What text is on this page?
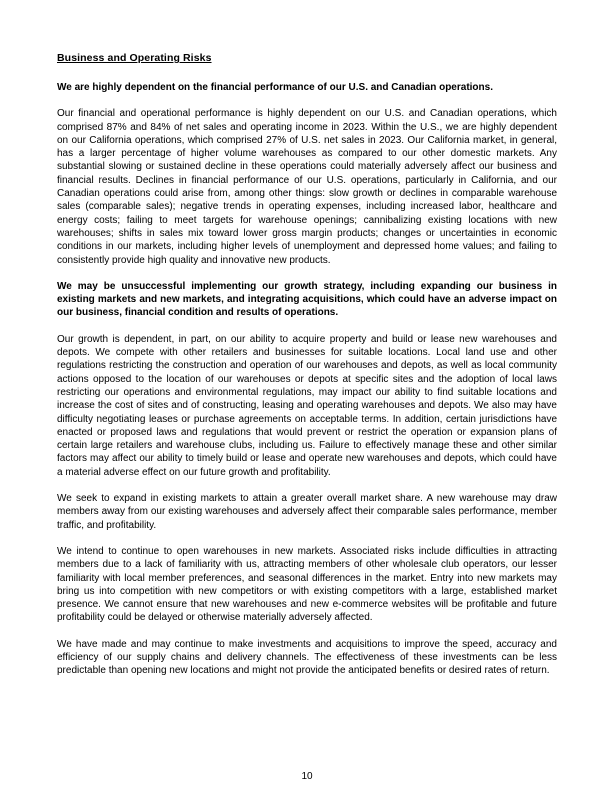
Business and Operating Risks
We are highly dependent on the financial performance of our U.S. and Canadian operations.
Our financial and operational performance is highly dependent on our U.S. and Canadian operations, which comprised 87% and 84% of net sales and operating income in 2023. Within the U.S., we are highly dependent on our California operations, which comprised 27% of U.S. net sales in 2023. Our California market, in general, has a larger percentage of higher volume warehouses as compared to our other domestic markets. Any substantial slowing or sustained decline in these operations could materially adversely affect our business and financial results. Declines in financial performance of our U.S. operations, particularly in California, and our Canadian operations could arise from, among other things: slow growth or declines in comparable warehouse sales (comparable sales); negative trends in operating expenses, including increased labor, healthcare and energy costs; failing to meet targets for warehouse openings; cannibalizing existing locations with new warehouses; shifts in sales mix toward lower gross margin products; changes or uncertainties in economic conditions in our markets, including higher levels of unemployment and depressed home values; and failing to consistently provide high quality and innovative new products.
We may be unsuccessful implementing our growth strategy, including expanding our business in existing markets and new markets, and integrating acquisitions, which could have an adverse impact on our business, financial condition and results of operations.
Our growth is dependent, in part, on our ability to acquire property and build or lease new warehouses and depots. We compete with other retailers and businesses for suitable locations. Local land use and other regulations restricting the construction and operation of our warehouses and depots, as well as local community actions opposed to the location of our warehouses or depots at specific sites and the adoption of local laws restricting our operations and environmental regulations, may impact our ability to find suitable locations and increase the cost of sites and of constructing, leasing and operating warehouses and depots. We also may have difficulty negotiating leases or purchase agreements on acceptable terms. In addition, certain jurisdictions have enacted or proposed laws and regulations that would prevent or restrict the operation or expansion plans of certain large retailers and warehouse clubs, including us. Failure to effectively manage these and other similar factors may affect our ability to timely build or lease and operate new warehouses and depots, which could have a material adverse effect on our future growth and profitability.
We seek to expand in existing markets to attain a greater overall market share. A new warehouse may draw members away from our existing warehouses and adversely affect their comparable sales performance, member traffic, and profitability.
We intend to continue to open warehouses in new markets. Associated risks include difficulties in attracting members due to a lack of familiarity with us, attracting members of other wholesale club operators, our lesser familiarity with local member preferences, and seasonal differences in the market. Entry into new markets may bring us into competition with new competitors or with existing competitors with a large, established market presence. We cannot ensure that new warehouses and new e-commerce websites will be profitable and future profitability could be delayed or otherwise materially adversely affected.
We have made and may continue to make investments and acquisitions to improve the speed, accuracy and efficiency of our supply chains and delivery channels. The effectiveness of these investments can be less predictable than opening new locations and might not provide the anticipated benefits or desired rates of return.
10
